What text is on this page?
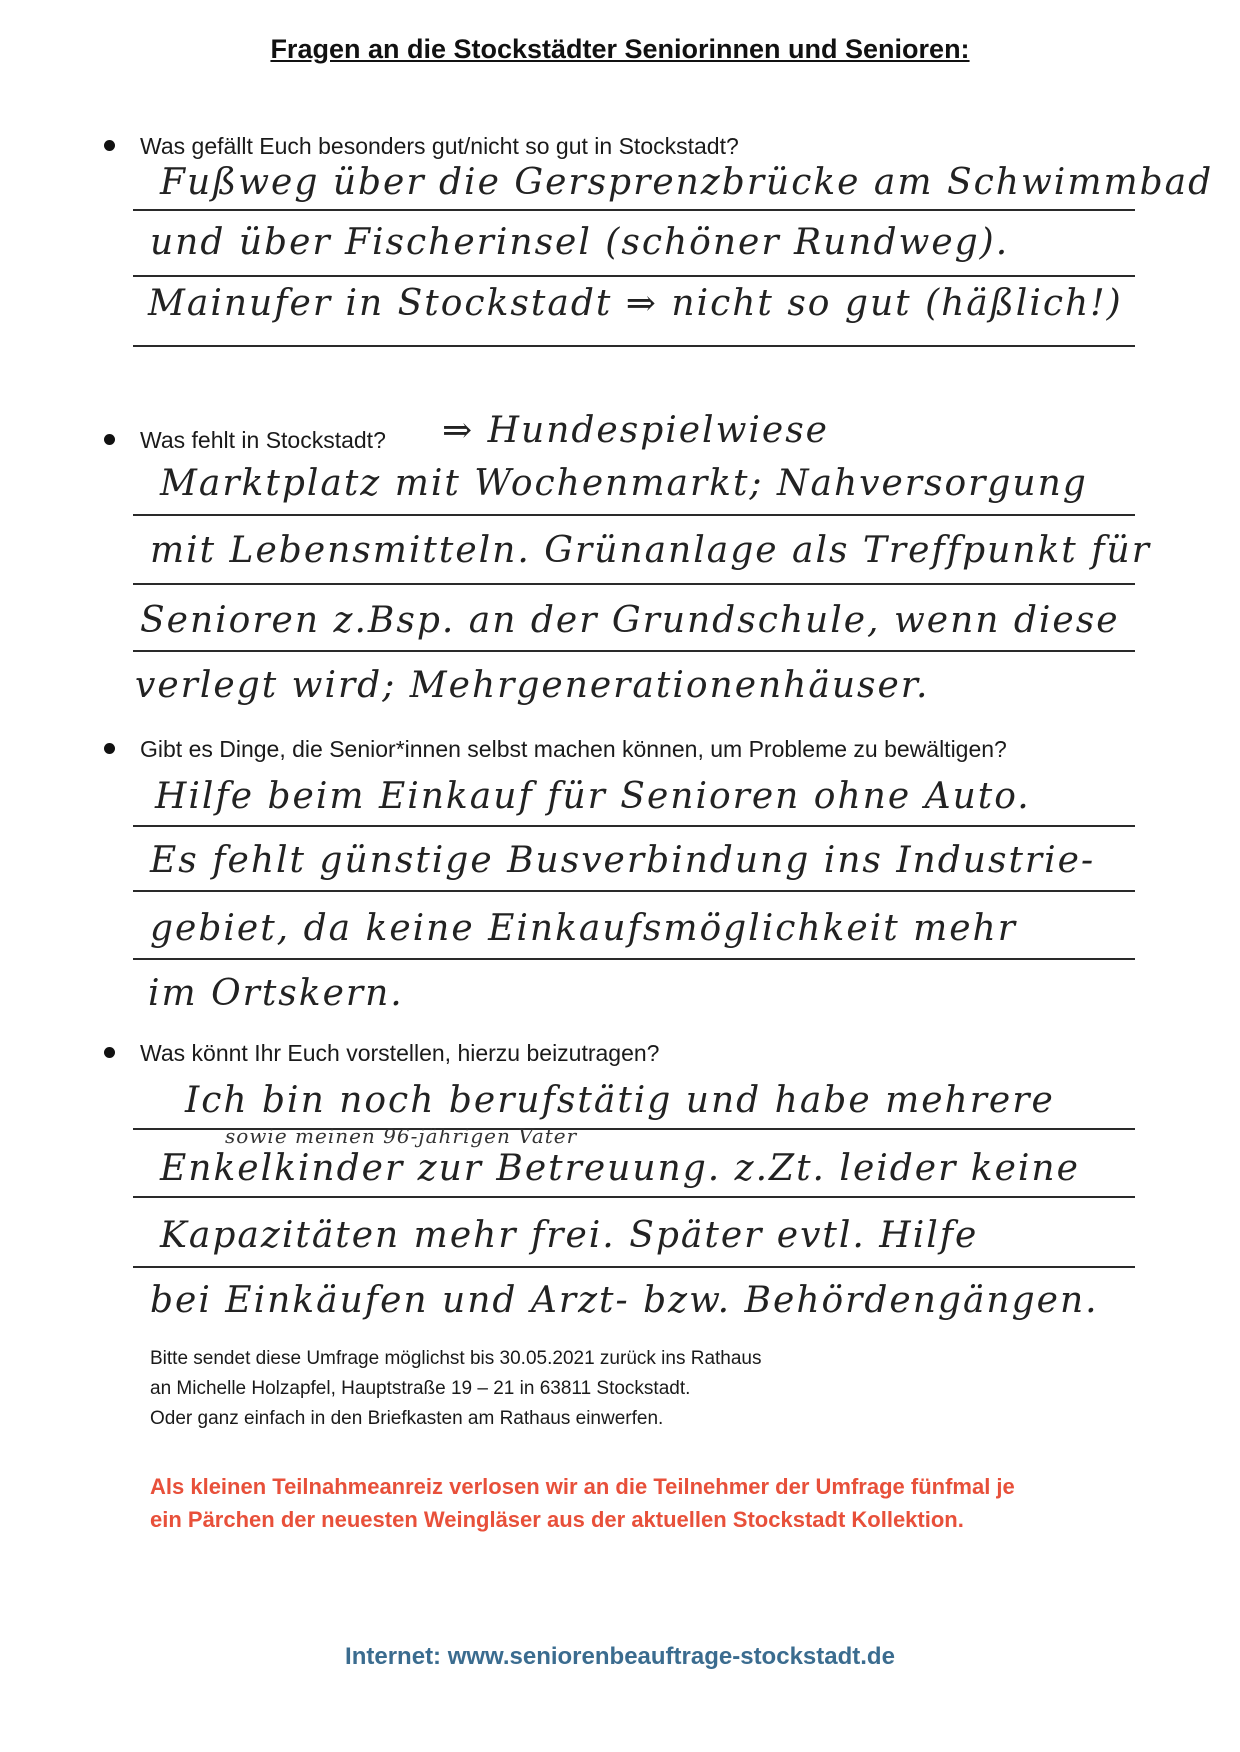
Fragen an die Stockstädter Seniorinnen und Senioren:
Was gefällt Euch besonders gut/nicht so gut in Stockstadt?
Fußweg über die Gersprenzbrücke am Schwimmbad
und über Fischerinsel (schöner Rundweg).
Mainufer in Stockstadt ⇒ nicht so gut (häßlich!)
Was fehlt in Stockstadt? ⇒ Hundespielwiese
Marktplatz mit Wochenmarkt; Nahversorgung
mit Lebensmitteln. Grünanlage als Treffpunkt für
Senioren z.Bsp. an der Grundschule, wenn diese
verlegt wird; Mehrgenerationenhäuser.
Gibt es Dinge, die Senior*innen selbst machen können, um Probleme zu bewältigen?
Hilfe beim Einkauf für Senioren ohne Auto.
Es fehlt günstige Busverbindung ins Industrie-
gebiet, da keine Einkaufsmöglichkeit mehr
im Ortskern.
Was könnt Ihr Euch vorstellen, hierzu beizutragen?
Ich bin noch berufstätig und habe mehrere
sowie meinen 96-jährigen Vater
Enkelkinder zur Betreuung. z.Zt. leider keine
Kapazitäten mehr frei. Später evtl. Hilfe
bei Einkäufen und Arzt- bzw. Behördengängen.
Bitte sendet diese Umfrage möglichst bis 30.05.2021 zurück ins Rathaus
an Michelle Holzapfel, Hauptstraße 19 – 21 in 63811 Stockstadt.
Oder ganz einfach in den Briefkasten am Rathaus einwerfen.
Als kleinen Teilnahmeanreiz verlosen wir an die Teilnehmer der Umfrage fünfmal je
ein Pärchen der neuesten Weingläser aus der aktuellen Stockstadt Kollektion.
Internet: www.seniorenbeauftrage-stockstadt.de
